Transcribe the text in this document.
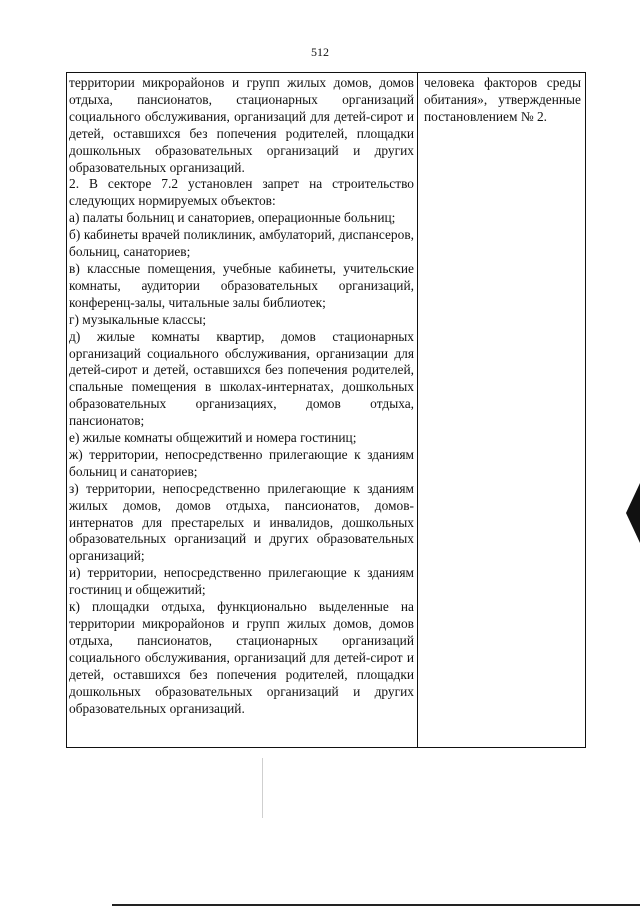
512

территории микрорайонов и групп жилых домов, домов отдыха, пансионатов, стационарных организаций социального обслуживания, организаций для детей-сирот и детей, оставшихся без попечения родителей, площадки дошкольных образовательных организаций и других образовательных организаций.

2. В секторе 7.2 установлен запрет на строительство следующих нормируемых объектов:

а) палаты больниц и санаториев, операционные больниц;

б) кабинеты врачей поликлиник, амбулаторий, диспансеров, больниц, санаториев;

в) классные помещения, учебные кабинеты, учительские комнаты, аудитории образовательных организаций, конференц-залы, читальные залы библиотек;

г) музыкальные классы;

д) жилые комнаты квартир, домов стационарных организаций социального обслуживания, организации для детей-сирот и детей, оставшихся без попечения родителей, спальные помещения в школах-интернатах, дошкольных образовательных организациях, домов отдыха, пансионатов;

е) жилые комнаты общежитий и номера гостиниц;

ж) территории, непосредственно прилегающие к зданиям больниц и санаториев;

з) территории, непосредственно прилегающие к зданиям жилых домов, домов отдыха, пансионатов, домов-интернатов для престарелых и инвалидов, дошкольных образовательных организаций и других образовательных организаций;

и) территории, непосредственно прилегающие к зданиям гостиниц и общежитий;

к) площадки отдыха, функционально выделенные на территории микрорайонов и групп жилых домов, домов отдыха, пансионатов, стационарных организаций социального обслуживания, организаций для детей-сирот и детей, оставшихся без попечения родителей, площадки дошкольных образовательных организаций и других образовательных организаций.

человека факторов среды обитания», утвержденные постановлением № 2.
